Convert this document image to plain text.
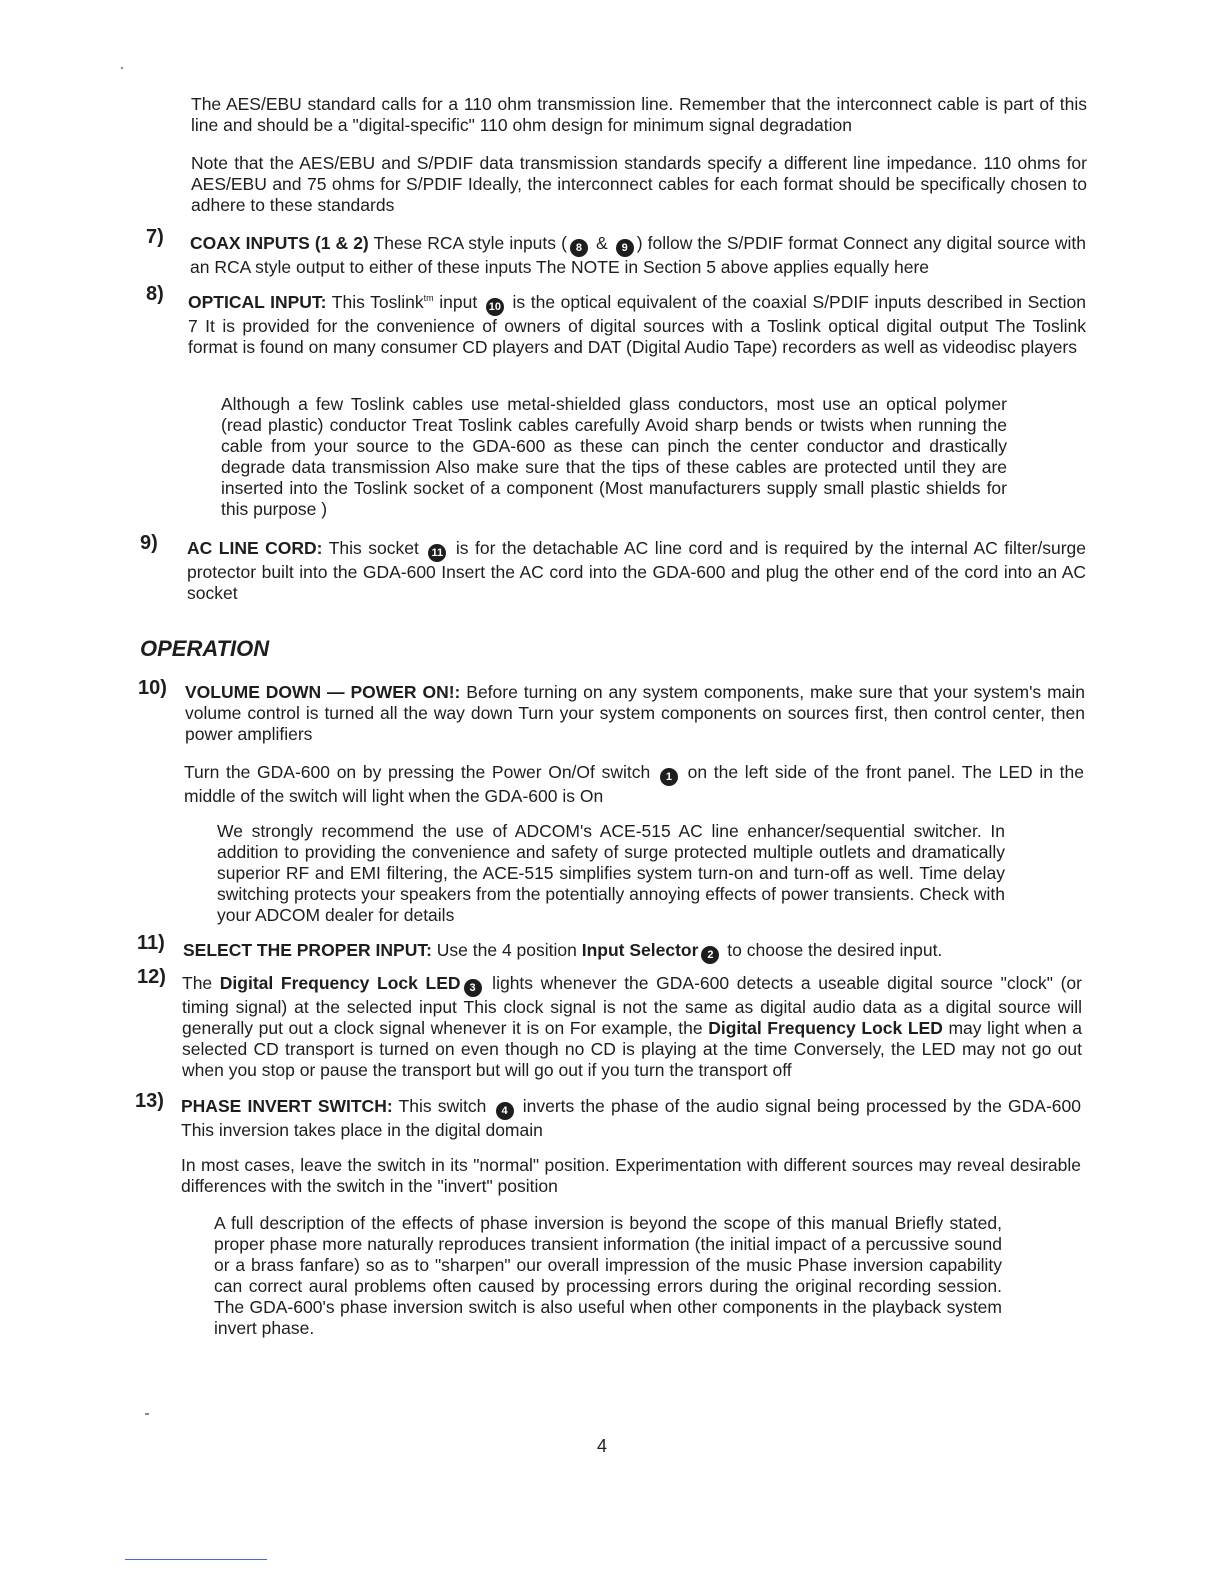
The AES/EBU standard calls for a 110 ohm transmission line. Remember that the interconnect cable is part of this line and should be a "digital-specific" 110 ohm design for minimum signal degradation
Note that the AES/EBU and S/PDIF data transmission standards specify a different line impedance. 110 ohms for AES/EBU and 75 ohms for S/PDIF Ideally, the interconnect cables for each format should be specifically chosen to adhere to these standards
7) COAX INPUTS (1 & 2) These RCA style inputs ( 8 & 9 ) follow the S/PDIF format Connect any digital source with an RCA style output to either of these inputs The NOTE in Section 5 above applies equally here
8) OPTICAL INPUT: This Toslink$^{tm}$ input 10 is the optical equivalent of the coaxial S/PDIF inputs described in Section 7 It is provided for the convenience of owners of digital sources with a Toslink optical digital output The Toslink format is found on many consumer CD players and DAT (Digital Audio Tape) recorders as well as videodisc players
Although a few Toslink cables use metal-shielded glass conductors, most use an optical polymer (read plastic) conductor Treat Toslink cables carefully Avoid sharp bends or twists when running the cable from your source to the GDA-600 as these can pinch the center conductor and drastically degrade data transmission Also make sure that the tips of these cables are protected until they are inserted into the Toslink socket of a component (Most manufacturers supply small plastic shields for this purpose )
9) AC LINE CORD: This socket 11 is for the detachable AC line cord and is required by the internal AC filter/surge protector built into the GDA-600 Insert the AC cord into the GDA-600 and plug the other end of the cord into an AC socket
OPERATION
10) VOLUME DOWN — POWER ON!: Before turning on any system components, make sure that your system's main volume control is turned all the way down Turn your system components on sources first, then control center, then power amplifiers
Turn the GDA-600 on by pressing the Power On/Of switch 1 on the left side of the front panel. The LED in the middle of the switch will light when the GDA-600 is On
We strongly recommend the use of ADCOM's ACE-515 AC line enhancer/sequential switcher. In addition to providing the convenience and safety of surge protected multiple outlets and dramatically superior RF and EMI filtering, the ACE-515 simplifies system turn-on and turn-off as well. Time delay switching protects your speakers from the potentially annoying effects of power transients. Check with your ADCOM dealer for details
11) SELECT THE PROPER INPUT: Use the 4 position Input Selector 2 to choose the desired input.
12) The Digital Frequency Lock LED 3 lights whenever the GDA-600 detects a useable digital source "clock" (or timing signal) at the selected input This clock signal is not the same as digital audio data as a digital source will generally put out a clock signal whenever it is on For example, the Digital Frequency Lock LED may light when a selected CD transport is turned on even though no CD is playing at the time Conversely, the LED may not go out when you stop or pause the transport but will go out if you turn the transport off
13) PHASE INVERT SWITCH: This switch 4 inverts the phase of the audio signal being processed by the GDA-600 This inversion takes place in the digital domain
In most cases, leave the switch in its "normal" position. Experimentation with different sources may reveal desirable differences with the switch in the "invert" position
A full description of the effects of phase inversion is beyond the scope of this manual Briefly stated, proper phase more naturally reproduces transient information (the initial impact of a percussive sound or a brass fanfare) so as to "sharpen" our overall impression of the music Phase inversion capability can correct aural problems often caused by processing errors during the original recording session. The GDA-600's phase inversion switch is also useful when other components in the playback system invert phase.
4
